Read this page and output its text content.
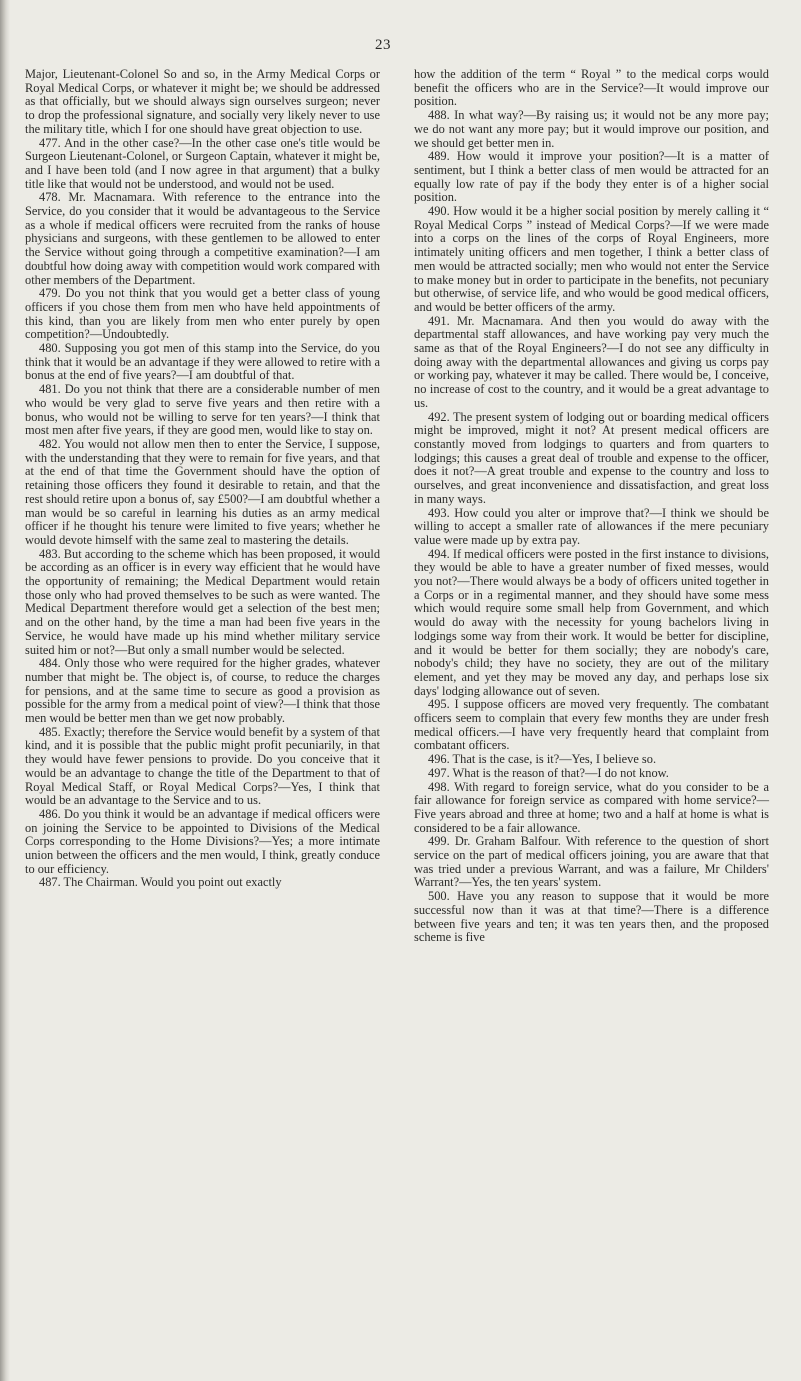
23

Major, Lieutenant-Colonel So and so, in the Army Medical Corps or Royal Medical Corps, or whatever it might be; we should be addressed as that officially, but we should always sign ourselves surgeon; never to drop the professional signature, and socially very likely never to use the military title, which I for one should have great objection to use.

477. And in the other case?—In the other case one's title would be Surgeon Lieutenant-Colonel, or Surgeon Captain, whatever it might be, and I have been told (and I now agree in that argument) that a bulky title like that would not be understood, and would not be used.

478. Mr. Macnamara. With reference to the entrance into the Service, do you consider that it would be advantageous to the Service as a whole if medical officers were recruited from the ranks of house physicians and surgeons, with these gentlemen to be allowed to enter the Service without going through a competitive examination?—I am doubtful how doing away with competition would work compared with other members of the Department.

479. Do you not think that you would get a better class of young officers if you chose them from men who have held appointments of this kind, than you are likely from men who enter purely by open competition?—Undoubtedly.

480. Supposing you got men of this stamp into the Service, do you think that it would be an advantage if they were allowed to retire with a bonus at the end of five years?—I am doubtful of that.

481. Do you not think that there are a considerable number of men who would be very glad to serve five years and then retire with a bonus, who would not be willing to serve for ten years?—I think that most men after five years, if they are good men, would like to stay on.

482. You would not allow men then to enter the Service, I suppose, with the understanding that they were to remain for five years, and that at the end of that time the Government should have the option of retaining those officers they found it desirable to retain, and that the rest should retire upon a bonus of, say £500?—I am doubtful whether a man would be so careful in learning his duties as an army medical officer if he thought his tenure were limited to five years; whether he would devote himself with the same zeal to mastering the details.

483. But according to the scheme which has been proposed, it would be according as an officer is in every way efficient that he would have the opportunity of remaining; the Medical Department would retain those only who had proved themselves to be such as were wanted. The Medical Department therefore would get a selection of the best men; and on the other hand, by the time a man had been five years in the Service, he would have made up his mind whether military service suited him or not?—But only a small number would be selected.

484. Only those who were required for the higher grades, whatever number that might be. The object is, of course, to reduce the charges for pensions, and at the same time to secure as good a provision as possible for the army from a medical point of view?—I think that those men would be better men than we get now probably.

485. Exactly; therefore the Service would benefit by a system of that kind, and it is possible that the public might profit pecuniarily, in that they would have fewer pensions to provide. Do you conceive that it would be an advantage to change the title of the Department to that of Royal Medical Staff, or Royal Medical Corps?—Yes, I think that would be an advantage to the Service and to us.

486. Do you think it would be an advantage if medical officers were on joining the Service to be appointed to Divisions of the Medical Corps corresponding to the Home Divisions?—Yes; a more intimate union between the officers and the men would, I think, greatly conduce to our efficiency.

487. The Chairman. Would you point out exactly

how the addition of the term “ Royal ” to the medical corps would benefit the officers who are in the Service?—It would improve our position.

488. In what way?—By raising us; it would not be any more pay; we do not want any more pay; but it would improve our position, and we should get better men in.

489. How would it improve your position?—It is a matter of sentiment, but I think a better class of men would be attracted for an equally low rate of pay if the body they enter is of a higher social position.

490. How would it be a higher social position by merely calling it “ Royal Medical Corps ” instead of Medical Corps?—If we were made into a corps on the lines of the corps of Royal Engineers, more intimately uniting officers and men together, I think a better class of men would be attracted socially; men who would not enter the Service to make money but in order to participate in the benefits, not pecuniary but otherwise, of service life, and who would be good medical officers, and would be better officers of the army.

491. Mr. Macnamara. And then you would do away with the departmental staff allowances, and have working pay very much the same as that of the Royal Engineers?—I do not see any difficulty in doing away with the departmental allowances and giving us corps pay or working pay, whatever it may be called. There would be, I conceive, no increase of cost to the country, and it would be a great advantage to us.

492. The present system of lodging out or boarding medical officers might be improved, might it not? At present medical officers are constantly moved from lodgings to quarters and from quarters to lodgings; this causes a great deal of trouble and expense to the officer, does it not?—A great trouble and expense to the country and loss to ourselves, and great inconvenience and dissatisfaction, and great loss in many ways.

493. How could you alter or improve that?—I think we should be willing to accept a smaller rate of allowances if the mere pecuniary value were made up by extra pay.

494. If medical officers were posted in the first instance to divisions, they would be able to have a greater number of fixed messes, would you not?—There would always be a body of officers united together in a Corps or in a regimental manner, and they should have some mess which would require some small help from Government, and which would do away with the necessity for young bachelors living in lodgings some way from their work. It would be better for discipline, and it would be better for them socially; they are nobody's care, nobody's child; they have no society, they are out of the military element, and yet they may be moved any day, and perhaps lose six days' lodging allowance out of seven.

495. I suppose officers are moved very frequently. The combatant officers seem to complain that every few months they are under fresh medical officers.—I have very frequently heard that complaint from combatant officers.

496. That is the case, is it?—Yes, I believe so.

497. What is the reason of that?—I do not know.

498. With regard to foreign service, what do you consider to be a fair allowance for foreign service as compared with home service?—Five years abroad and three at home; two and a half at home is what is considered to be a fair allowance.

499. Dr. Graham Balfour. With reference to the question of short service on the part of medical officers joining, you are aware that that was tried under a previous Warrant, and was a failure, Mr Childers' Warrant?—Yes, the ten years' system.

500. Have you any reason to suppose that it would be more successful now than it was at that time?—There is a difference between five years and ten; it was ten years then, and the proposed scheme is five
